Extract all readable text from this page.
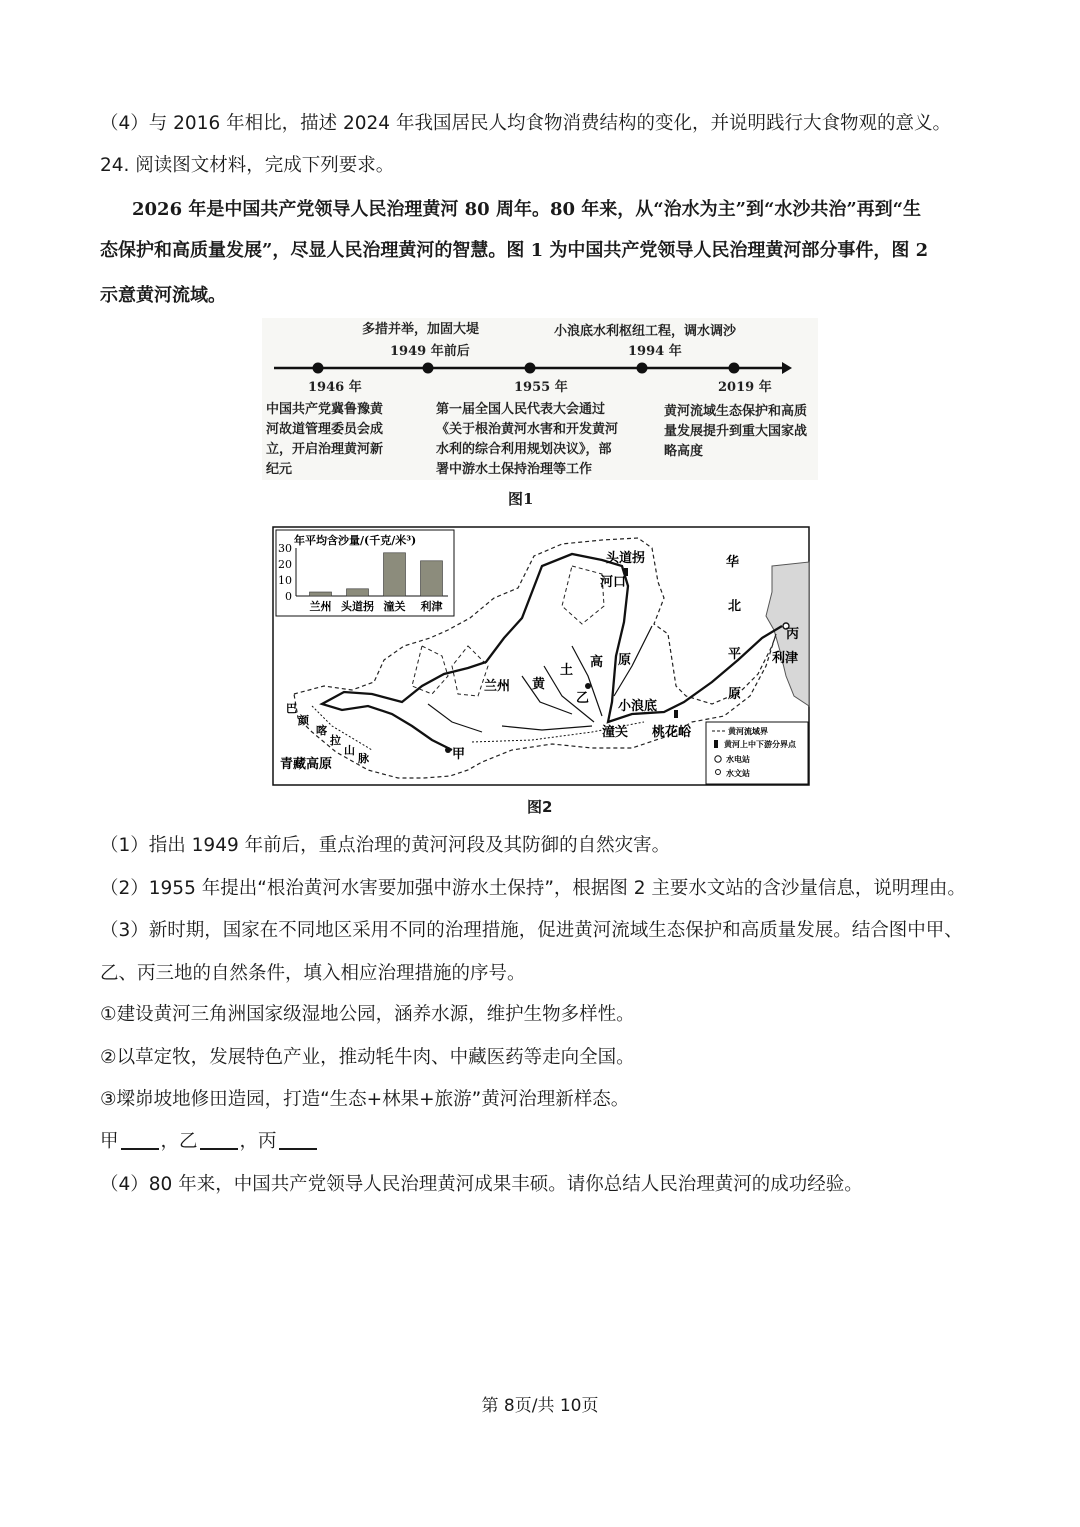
（4）与 2016 年相比，描述 2024 年我国居民人均食物消费结构的变化，并说明践行大食物观的意义。
24. 阅读图文材料，完成下列要求。
2026 年是中国共产党领导人民治理黄河 80 周年。80 年来，从“治水为主”到“水沙共治”再到“生
态保护和高质量发展”，尽显人民治理黄河的智慧。图 1 为中国共产党领导人民治理黄河部分事件，图 2
示意黄河流域。
多措并举，加固大堤
1949 年前后
小浪底水利枢纽工程，调水调沙
1994 年
1946 年
中国共产党冀鲁豫黄
河故道管理委员会成
立，开启治理黄河新
纪元
1955 年
第一届全国人民代表大会通过
《关于根治黄河水害和开发黄河
水利的综合利用规划决议》，部
署中游水土保持治理等工作
2019 年
黄河流域生态保护和高质
量发展提升到重大国家战
略高度
图1
黄河流域界
黄河上中下游分界点
水电站
水文站
年平均含沙量/(千克/米³)
30
20
10
0
兰州 头道拐 潼关 利津
头道拐
河口
华
北
平
原
丙
利津
高 原
兰州 黄
土
乙
小浪底
潼关 桃花峪
甲
青藏高原
巴
颜
喀
拉
山
脉
图2
（1）指出 1949 年前后，重点治理的黄河河段及其防御的自然灾害。
（2）1955 年提出“根治黄河水害要加强中游水土保持”，根据图 2 主要水文站的含沙量信息，说明理由。
（3）新时期，国家在不同地区采用不同的治理措施，促进黄河流域生态保护和高质量发展。结合图中甲、
乙、丙三地的自然条件，填入相应治理措施的序号。
①建设黄河三角洲国家级湿地公园，涵养水源，维护生物多样性。
②以草定牧，发展特色产业，推动牦牛肉、中藏医药等走向全国。
③墚峁坡地修田造园，打造“生态+林果+旅游”黄河治理新样态。
甲 ，乙 ，丙
（4）80 年来，中国共产党领导人民治理黄河成果丰硕。请你总结人民治理黄河的成功经验。
第 8页/共 10页
